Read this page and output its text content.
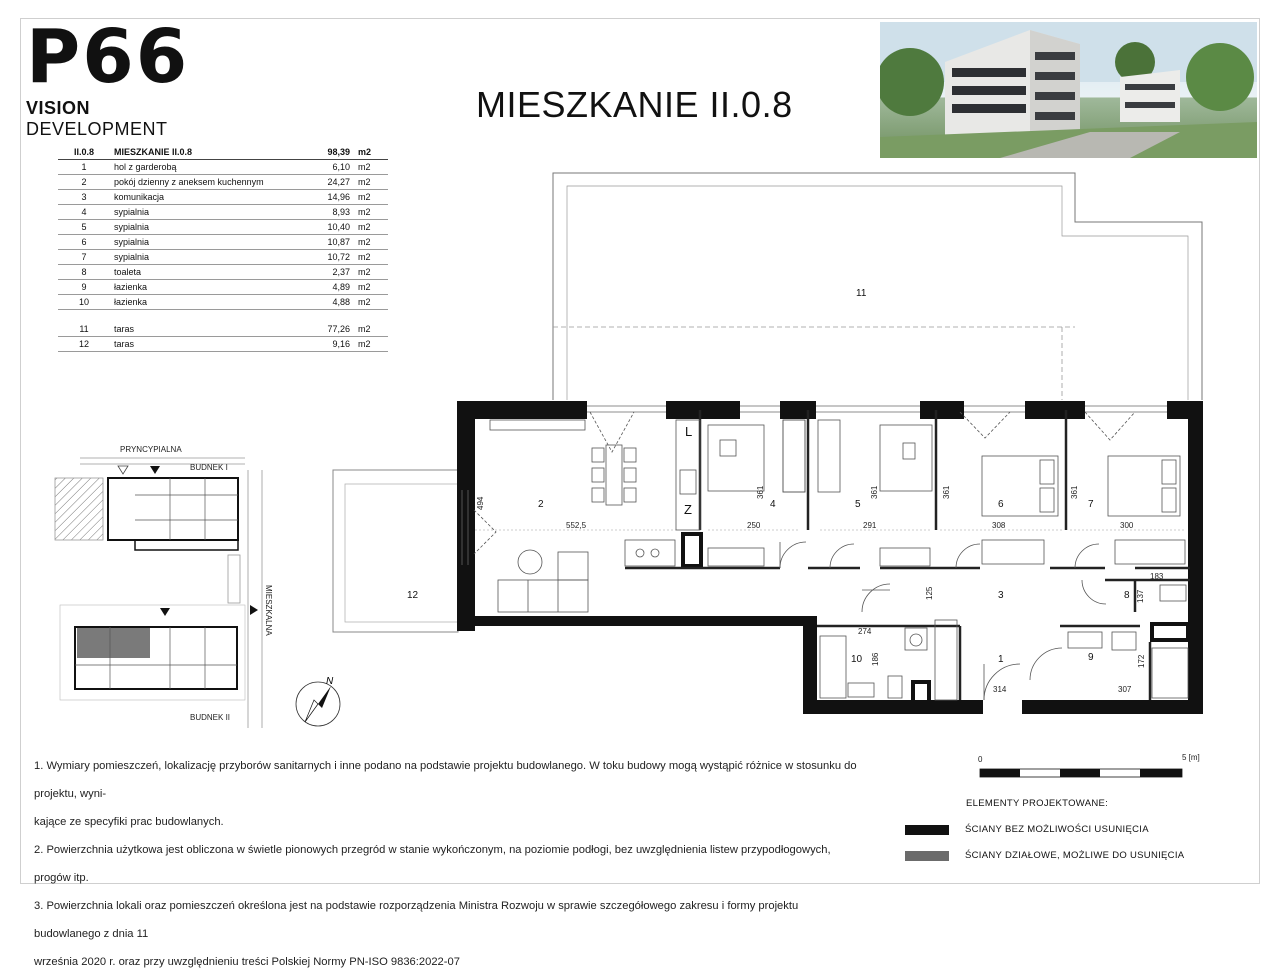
P66
VISION DEVELOPMENT
MIESZKANIE II.0.8
II.0.8	MIESZKANIE II.0.8	98,39	m2
1	hol z garderobą	6,10	m2
2	pokój dzienny z aneksem kuchennym	24,27	m2
3	komunikacja	14,96	m2
4	sypialnia	8,93	m2
5	sypialnia	10,40	m2
6	sypialnia	10,87	m2
7	sypialnia	10,72	m2
8	toaleta	2,37	m2
9	łazienka	4,89	m2
10	łazienka	4,88	m2
11	taras	77,26	m2
12	taras	9,16	m2
PRYNCYPIALNA
BUDNEK I
MIESZKALNA
BUDNEK II
N
2
3
4	5	6	7
8
9
10	1
11
12
L
Z
494
552,5	250	291	308	300
361	361	361	361
183
137
125
274
186	172
314	307
0	5 [m]

1. Wymiary pomieszczeń, lokalizację przyborów sanitarnych i inne podano na podstawie projektu budowlanego. W toku budowy mogą wystąpić różnice w stosunku do projektu, wyni-

kające ze specyfiki prac budowlanych.

2. Powierzchnia użytkowa jest obliczona w świetle pionowych przegród w stanie wykończonym, na poziomie podłogi, bez uwzględnienia listew przypodłogowych, progów itp.

3. Powierzchnia lokali oraz pomieszczeń określona jest na podstawie rozporządzenia Ministra Rozwoju w sprawie szczegółowego zakresu i formy projektu budowlanego z dnia 11

września 2020 r. oraz przy uwzględnieniu treści Polskiej Normy PN-ISO 9836:2022-07

ELEMENTY PROJEKTOWANE:
ŚCIANY BEZ MOŻLIWOŚCI USUNIĘCIA
ŚCIANY DZIAŁOWE, MOŻLIWE DO USUNIĘCIA
